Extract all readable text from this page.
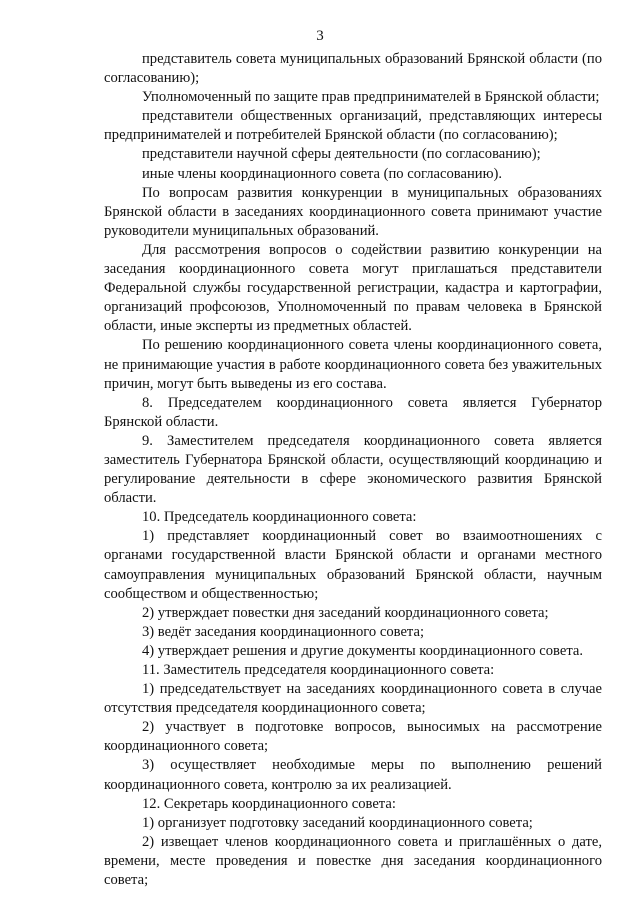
3

представитель совета муниципальных образований Брянской области (по согласованию);

Уполномоченный по защите прав предпринимателей в Брянской области;

представители общественных организаций, представляющих интересы предпринимателей и потребителей Брянской области (по согласованию);

представители научной сферы деятельности (по согласованию);

иные члены координационного совета (по согласованию).

По вопросам развития конкуренции в муниципальных образованиях Брянской области в заседаниях координационного совета принимают участие руководители муниципальных образований.

Для рассмотрения вопросов о содействии развитию конкуренции на заседания координационного совета могут приглашаться представители Федеральной службы государственной регистрации, кадастра и картографии, организаций профсоюзов, Уполномоченный по правам человека в Брянской области, иные эксперты из предметных областей.

По решению координационного совета члены координационного совета, не принимающие участия в работе координационного совета без уважительных причин, могут быть выведены из его состава.

8. Председателем координационного совета является Губернатор Брянской области.

9. Заместителем председателя координационного совета является заместитель Губернатора Брянской области, осуществляющий координацию и регулирование деятельности в сфере экономического развития Брянской области.

10. Председатель координационного совета:

1) представляет координационный совет во взаимоотношениях с органами государственной власти Брянской области и органами местного самоуправления муниципальных образований Брянской области, научным сообществом и общественностью;

2) утверждает повестки дня заседаний координационного совета;

3) ведёт заседания координационного совета;

4) утверждает решения и другие документы координационного совета.

11. Заместитель председателя координационного совета:

1) председательствует на заседаниях координационного совета в случае отсутствия председателя координационного совета;

2) участвует в подготовке вопросов, выносимых на рассмотрение координационного совета;

3) осуществляет необходимые меры по выполнению решений координационного совета, контролю за их реализацией.

12. Секретарь координационного совета:

1) организует подготовку заседаний координационного совета;

2) извещает членов координационного совета и приглашённых о дате, времени, месте проведения и повестке дня заседания координационного совета;
